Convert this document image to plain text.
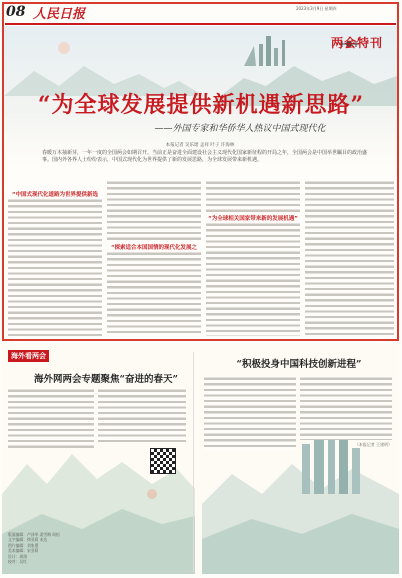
08 人民日报	2023年3月9日 星期四
两会特刊
“为全球发展提供新机遇新思路”
——外国专家和华侨华人热议中国式现代化
本报记者 吴乐珺 孟祥 叶子 许海林
春暖万木抽新芽，一年一度的全国两会如期召开。当前正是奋进全面建设社会主义现代化国家新征程的开局之年，全国两会是中国举世瞩目的政治盛事。国内外各界人士纷纷表示，中国式现代化为世界提供了新的发展思路，为全球发展带来新机遇。
“中国式现代化道路为世界提供新选
“探索适合本国国情的现代化发展之
“为全球相关国家带来新的发展机遇”
海外看两会
海外网两会专题聚焦“奋进的春天”
版面编辑：卢泽华 姜雪梅 周恒
文字编辑：徐亚莉 宋达
图片编辑：刘家墨
美术编辑：宋亚莉
设计：周翔
校对：吴红
“积极投身中国科技创新进程”
（本报记者 王建明）
